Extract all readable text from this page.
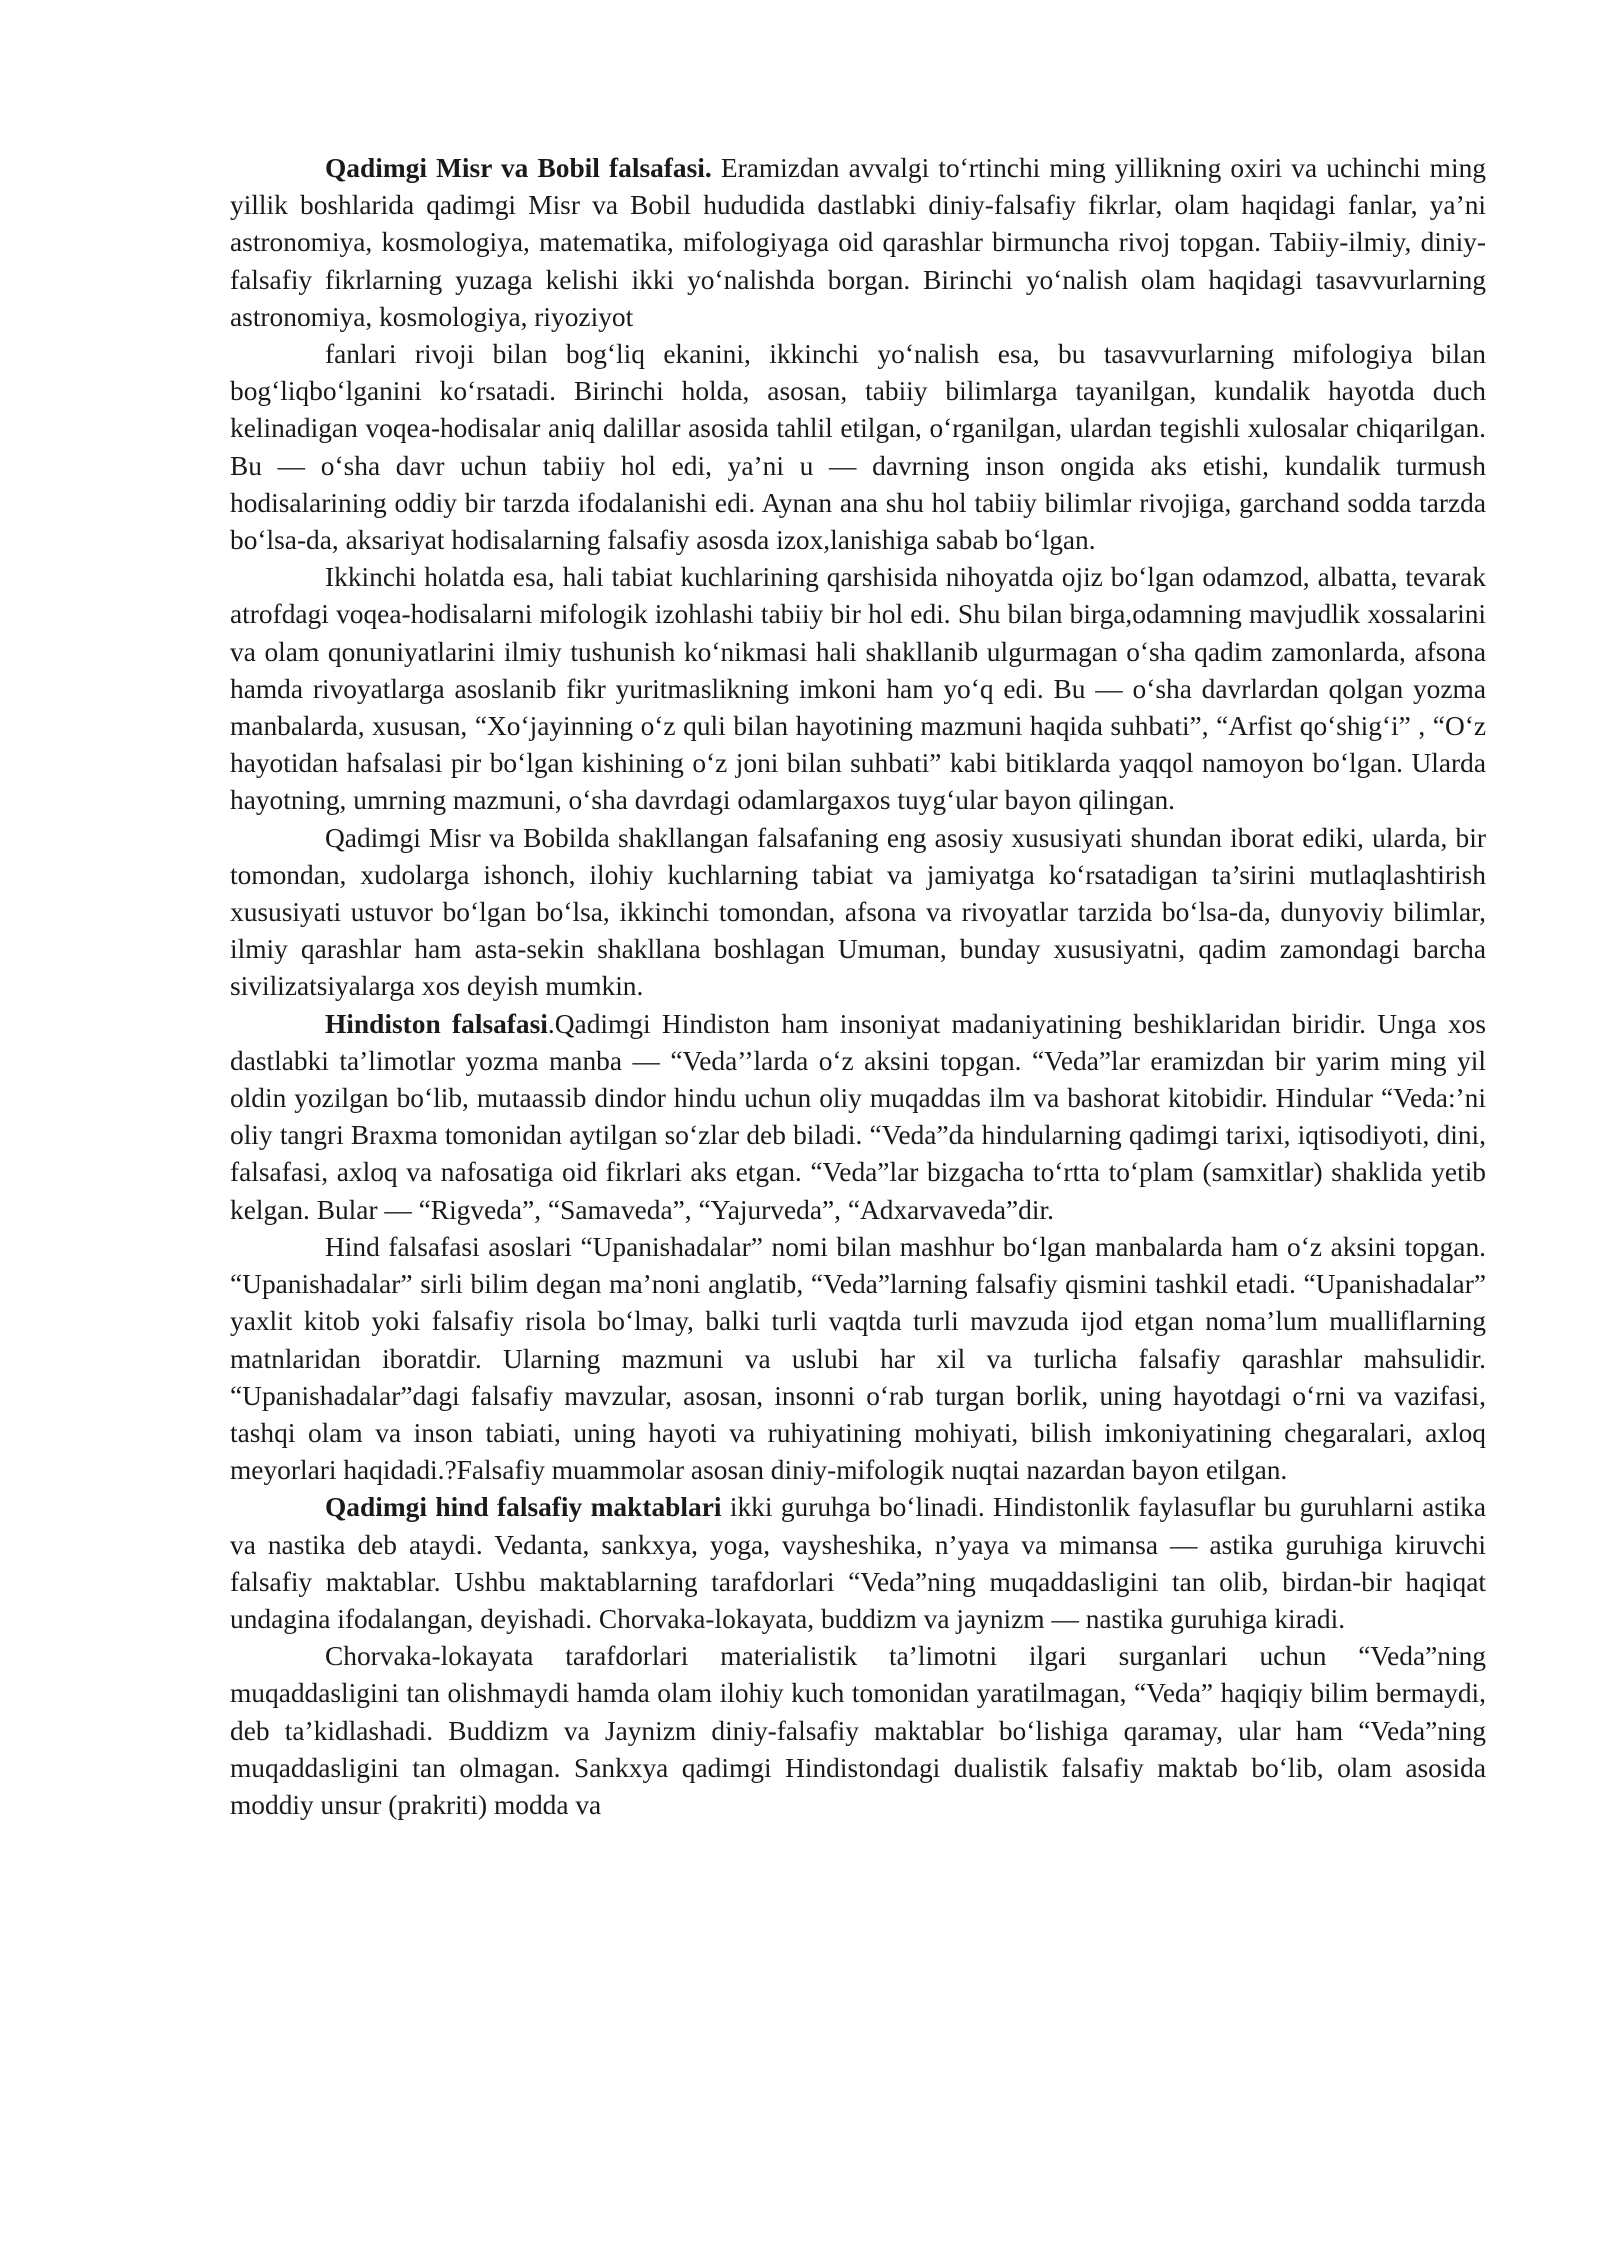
Qadimgi Misr va Bobil falsafasi. Eramizdan avvalgi to‘rtinchi ming yillikning oxiri va uchinchi ming yillik boshlarida qadimgi Misr va Bobil hududida dastlabki diniy-falsafiy fikrlar, olam haqidagi fanlar, ya’ni astronomiya, kosmologiya, matematika, mifologiyaga oid qarashlar birmuncha rivoj topgan. Tabiiy-ilmiy, diniy-falsafiy fikrlarning yuzaga kelishi ikki yo‘nalishda borgan. Birinchi yo‘nalish olam haqidagi tasavvurlarning astronomiya, kosmologiya, riyoziyot

fanlari rivoji bilan bog‘liq ekanini, ikkinchi yo‘nalish esa, bu tasavvurlarning mifologiya bilan bog‘liqbo‘lganini ko‘rsatadi. Birinchi holda, asosan, tabiiy bilimlarga tayanilgan, kundalik hayotda duch kelinadigan voqea-hodisalar aniq dalillar asosida tahlil etilgan, o‘rganilgan, ulardan tegishli xulosalar chiqarilgan. Bu — o‘sha davr uchun tabiiy hol edi, ya’ni u — davrning inson ongida aks etishi, kundalik turmush hodisalarining oddiy bir tarzda ifodalanishi edi. Aynan ana shu hol tabiiy bilimlar rivojiga, garchand sodda tarzda bo‘lsa-da, aksariyat hodisalarning falsafiy asosda izox,lanishiga sabab bo‘lgan.

Ikkinchi holatda esa, hali tabiat kuchlarining qarshisida nihoyatda ojiz bo‘lgan odamzod, albatta, tevarak atrofdagi voqea-hodisalarni mifologik izohlashi tabiiy bir hol edi. Shu bilan birga,odamning mavjudlik xossalarini va olam qonuniyatlarini ilmiy tushunish ko‘nikmasi hali shakllanib ulgurmagan o‘sha qadim zamonlarda, afsona hamda rivoyatlarga asoslanib fikr yuritmaslikning imkoni ham yo‘q edi. Bu — o‘sha davrlardan qolgan yozma manbalarda, xususan, “Xo‘jayinning o‘z quli bilan hayotining mazmuni haqida suhbati”, “Arfist qo‘shig‘i” , “O‘z hayotidan hafsalasi pir bo‘lgan kishining o‘z joni bilan suhbati” kabi bitiklarda yaqqol namoyon bo‘lgan. Ularda hayotning, umrning mazmuni, o‘sha davrdagi odamlargaxos tuyg‘ular bayon qilingan.

Qadimgi Misr va Bobilda shakllangan falsafaning eng asosiy xususiyati shundan iborat ediki, ularda, bir tomondan, xudolarga ishonch, ilohiy kuchlarning tabiat va jamiyatga ko‘rsatadigan ta’sirini mutlaqlashtirish xususiyati ustuvor bo‘lgan bo‘lsa, ikkinchi tomondan, afsona va rivoyatlar tarzida bo‘lsa-da, dunyoviy bilimlar, ilmiy qarashlar ham asta-sekin shakllana boshlagan Umuman, bunday xususiyatni, qadim zamondagi barcha sivilizatsiyalarga xos deyish mumkin.

Hindiston falsafasi.Qadimgi Hindiston ham insoniyat madaniyatining beshiklaridan biridir. Unga xos dastlabki ta’limotlar yozma manba — “Veda’’larda o‘z aksini topgan. “Veda”lar eramizdan bir yarim ming yil oldin yozilgan bo‘lib, mutaassib dindor hindu uchun oliy muqaddas ilm va bashorat kitobidir. Hindular “Veda:’ni oliy tangri Braxma tomonidan aytilgan so‘zlar deb biladi. “Veda”da hindularning qadimgi tarixi, iqtisodiyoti, dini, falsafasi, axloq va nafosatiga oid fikrlari aks etgan. “Veda”lar bizgacha to‘rtta to‘plam (samxitlar) shaklida yetib kelgan. Bular — “Rigveda”, “Samaveda”, “Yajurveda”, “Adxarvaveda”dir.

Hind falsafasi asoslari “Upanishadalar” nomi bilan mashhur bo‘lgan manbalarda ham o‘z aksini topgan. “Upanishadalar” sirli bilim degan ma’noni anglatib, “Veda”larning falsafiy qismini tashkil etadi. “Upanishadalar” yaxlit kitob yoki falsafiy risola bo‘lmay, balki turli vaqtda turli mavzuda ijod etgan noma’lum mualliflarning matnlaridan iboratdir. Ularning mazmuni va uslubi har xil va turlicha falsafiy qarashlar mahsulidir. “Upanishadalar”dagi falsafiy mavzular, asosan, insonni o‘rab turgan borlik, uning hayotdagi o‘rni va vazifasi, tashqi olam va inson tabiati, uning hayoti va ruhiyatining mohiyati, bilish imkoniyatining chegaralari, axloq meyorlari haqidadi.?Falsafiy muammolar asosan diniy-mifologik nuqtai nazardan bayon etilgan.

Qadimgi hind falsafiy maktablari ikki guruhga bo‘linadi. Hindistonlik faylasuflar bu guruhlarni astika va nastika deb ataydi. Vedanta, sankxya, yoga, vaysheshika, n’yaya va mimansa — astika guruhiga kiruvchi falsafiy maktablar. Ushbu maktablarning tarafdorlari “Veda”ning muqaddasligini tan olib, birdan-bir haqiqat undagina ifodalangan, deyishadi. Chorvaka-lokayata, buddizm va jaynizm — nastika guruhiga kiradi.

Chorvaka-lokayata tarafdorlari materialistik ta’limotni ilgari surganlari uchun “Veda”ning muqaddasligini tan olishmaydi hamda olam ilohiy kuch tomonidan yaratilmagan, “Veda” haqiqiy bilim bermaydi, deb ta’kidlashadi. Buddizm va Jaynizm diniy-falsafiy maktablar bo‘lishiga qaramay, ular ham “Veda”ning muqaddasligini tan olmagan. Sankxya qadimgi Hindistondagi dualistik falsafiy maktab bo‘lib, olam asosida moddiy unsur (prakriti) modda va
